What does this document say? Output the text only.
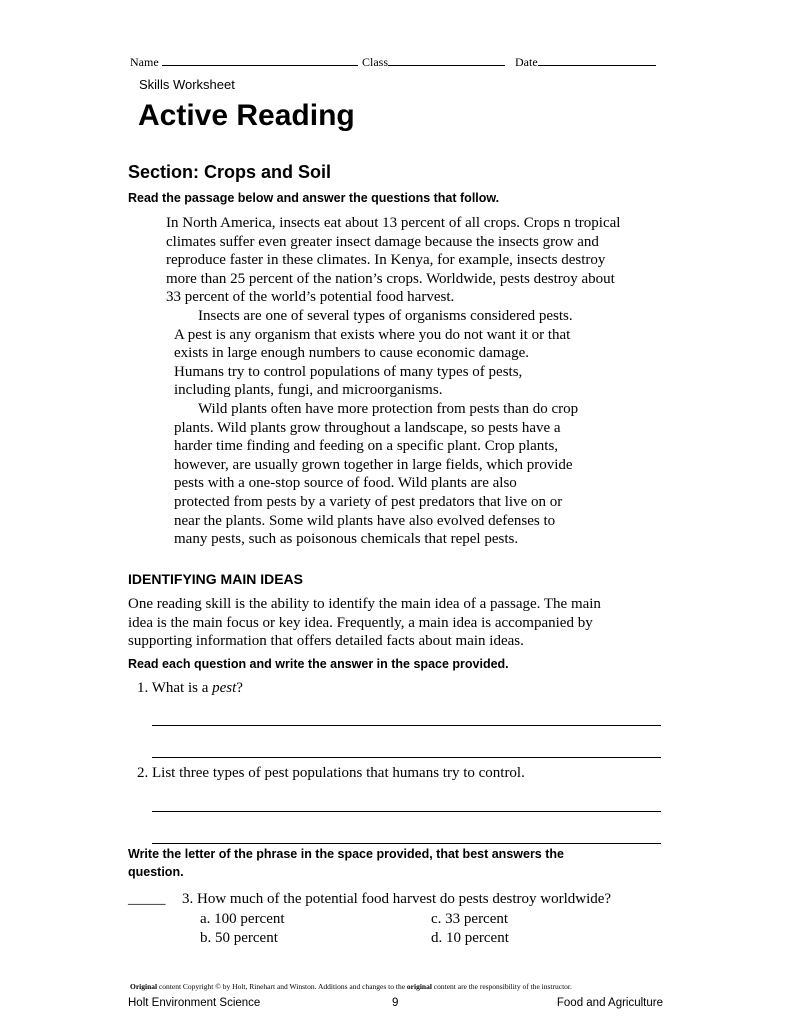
Name	Class	Date
Skills Worksheet
Active Reading
Section: Crops and Soil
Read the passage below and answer the questions that follow.
In North America, insects eat about 13 percent of all crops. Crops n tropical
climates suffer even greater insect damage because the insects grow and
reproduce faster in these climates. In Kenya, for example, insects destroy
more than 25 percent of the nation’s crops. Worldwide, pests destroy about
33 percent of the world’s potential food harvest.
Insects are one of several types of organisms considered pests.
A pest is any organism that exists where you do not want it or that
exists in large enough numbers to cause economic damage.
Humans try to control populations of many types of pests,
including plants, fungi, and microorganisms.
Wild plants often have more protection from pests than do crop
plants. Wild plants grow throughout a landscape, so pests have a
harder time finding and feeding on a specific plant. Crop plants,
however, are usually grown together in large fields, which provide
pests with a one-stop source of food. Wild plants are also
protected from pests by a variety of pest predators that live on or
near the plants. Some wild plants have also evolved defenses to
many pests, such as poisonous chemicals that repel pests.
IDENTIFYING MAIN IDEAS
One reading skill is the ability to identify the main idea of a passage. The main
idea is the main focus or key idea. Frequently, a main idea is accompanied by
supporting information that offers detailed facts about main ideas.
Read each question and write the answer in the space provided.
1. What is a pest?
2. List three types of pest populations that humans try to control.
Write the letter of the phrase in the space provided, that best answers the
question.
_____ 3. How much of the potential food harvest do pests destroy worldwide?
a. 100 percent	c. 33 percent
b. 50 percent	d. 10 percent
Original content Copyright © by Holt, Rinehart and Winston. Additions and changes to the original content are the responsibility of the instructor.
Holt Environment Science	9	Food and Agriculture
